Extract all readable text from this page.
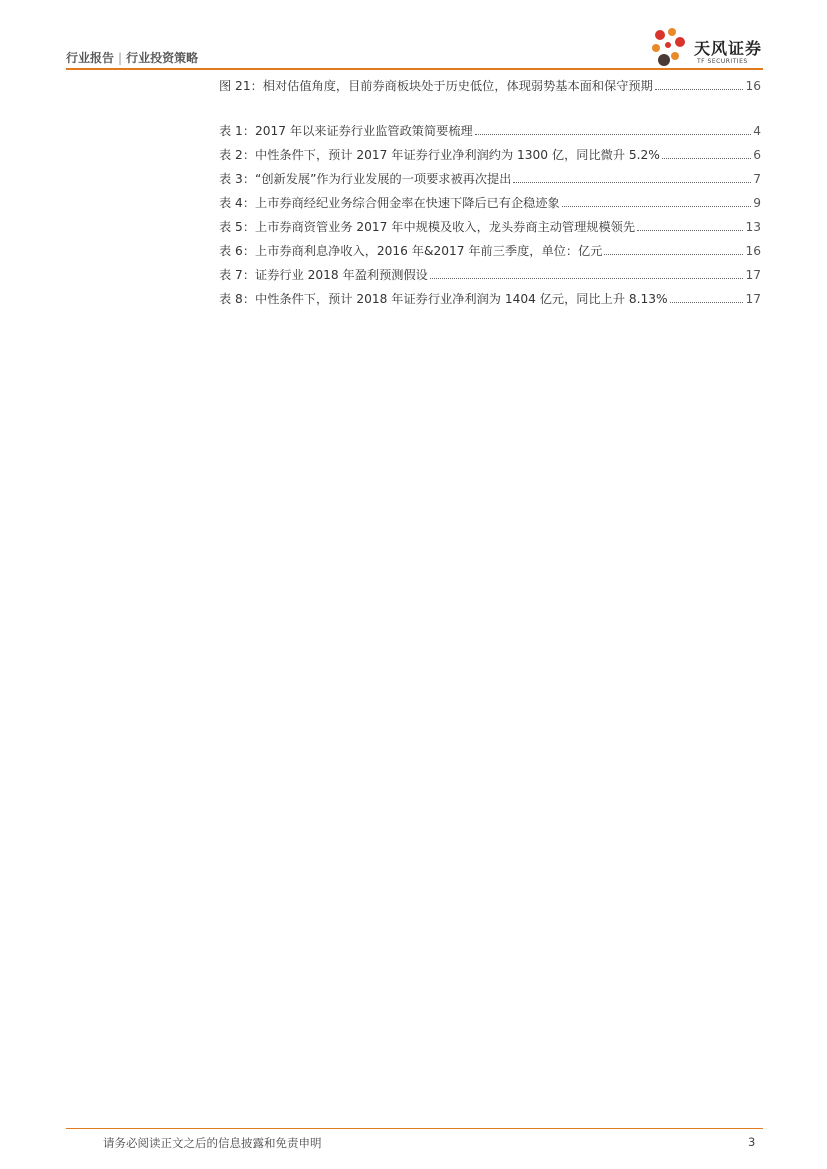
行业报告 | 行业投资策略	天风证券
TF SECURITIES
图 21：相对估值角度，目前券商板块处于历史低位，体现弱势基本面和保守预期	16
表 1：2017 年以来证券行业监管政策简要梳理	4
表 2：中性条件下，预计 2017 年证券行业净利润约为 1300 亿，同比微升 5.2%	6
表 3：“创新发展”作为行业发展的一项要求被再次提出	7
表 4：上市券商经纪业务综合佣金率在快速下降后已有企稳迹象	9
表 5：上市券商资管业务 2017 年中规模及收入，龙头券商主动管理规模领先	13
表 6：上市券商利息净收入，2016 年&2017 年前三季度，单位：亿元	16
表 7：证券行业 2018 年盈利预测假设	17
表 8：中性条件下，预计 2018 年证券行业净利润为 1404 亿元，同比上升 8.13%	17
请务必阅读正文之后的信息披露和免责申明	3
